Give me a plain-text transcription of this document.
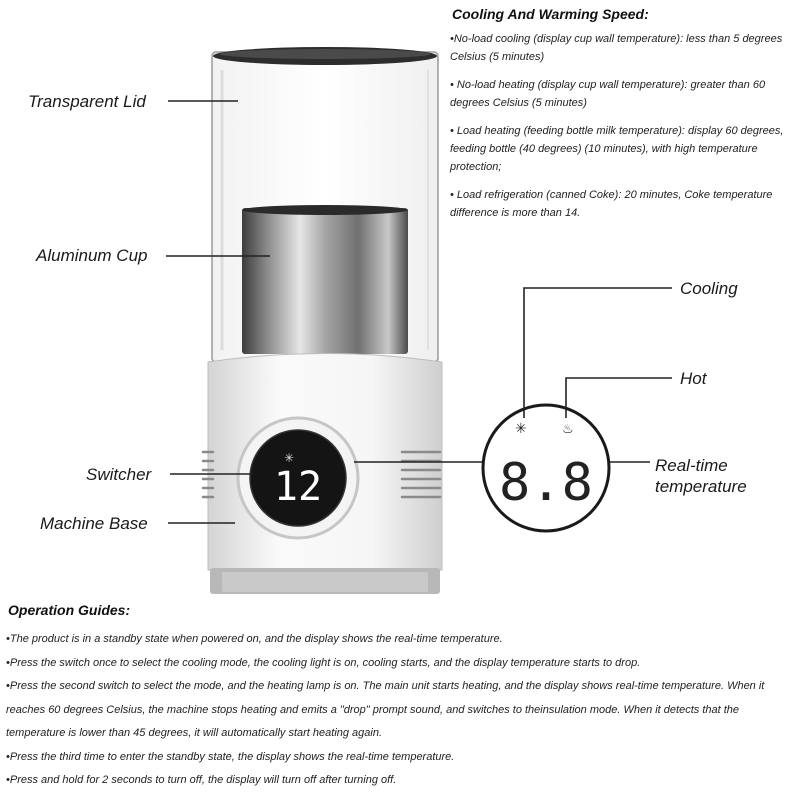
✳
12
✳	♨
8.8
Transparent Lid
Aluminum Cup
Switcher
Machine Base
Cooling
Hot
Real-time
temperature
Cooling And Warming Speed:
•No-load cooling (display cup wall temperature): less than 5 degrees Celsius (5 minutes)
• No-load heating (display cup wall temperature): greater than 60 degrees Celsius (5 minutes)
• Load heating (feeding bottle milk temperature): display 60 degrees, feeding bottle (40 degrees) (10 minutes), with high temperature protection;
• Load refrigeration (canned Coke): 20 minutes, Coke temperature difference is more than 14.
Operation Guides:

•The product is in a standby state when powered on, and the display shows the real-time temperature.

•Press the switch once to select the cooling mode, the cooling light is on, cooling starts, and the display temperature starts to drop.

•Press the second switch to select the mode, and the heating lamp is on. The main unit starts heating, and the display shows real-time temperature. When it reaches 60 degrees Celsius, the machine stops heating and emits a "drop" prompt sound, and switches to theinsulation mode. When it detects that the temperature is lower than 45 degrees, it will automatically start heating again.

•Press the third time to enter the standby state, the display shows the real-time temperature.

•Press and hold for 2 seconds to turn off, the display will turn off after turning off.
